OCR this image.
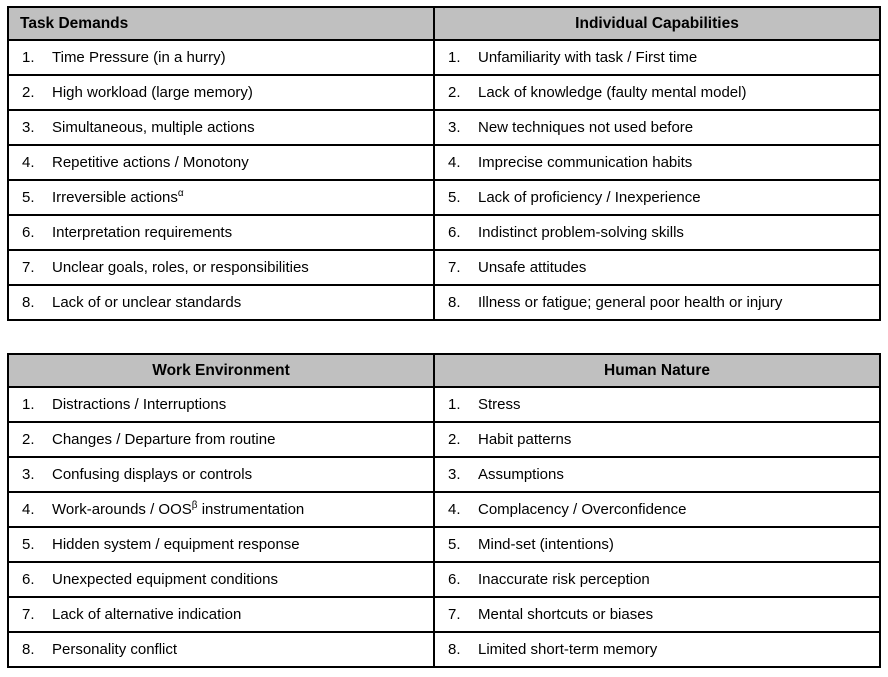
Task Demands	Individual Capabilities
1. Time Pressure (in a hurry)	1. Unfamiliarity with task / First time
2. High workload (large memory)	2. Lack of knowledge (faulty mental model)
3. Simultaneous, multiple actions	3. New techniques not used before
4. Repetitive actions / Monotony	4. Imprecise communication habits
5. Irreversible actions$^\alpha$	5. Lack of proficiency / Inexperience
6. Interpretation requirements	6. Indistinct problem-solving skills
7. Unclear goals, roles, or responsibilities	7. Unsafe attitudes
8. Lack of or unclear standards	8. Illness or fatigue; general poor health or injury
Work Environment	Human Nature
1. Distractions / Interruptions	1. Stress
2. Changes / Departure from routine	2. Habit patterns
3. Confusing displays or controls	3. Assumptions
4. Work-arounds / $OOS^\beta$ instrumentation	4. Complacency / Overconfidence
5. Hidden system / equipment response	5. Mind-set (intentions)
6. Unexpected equipment conditions	6. Inaccurate risk perception
7. Lack of alternative indication	7. Mental shortcuts or biases
8. Personality conflict	8. Limited short-term memory
